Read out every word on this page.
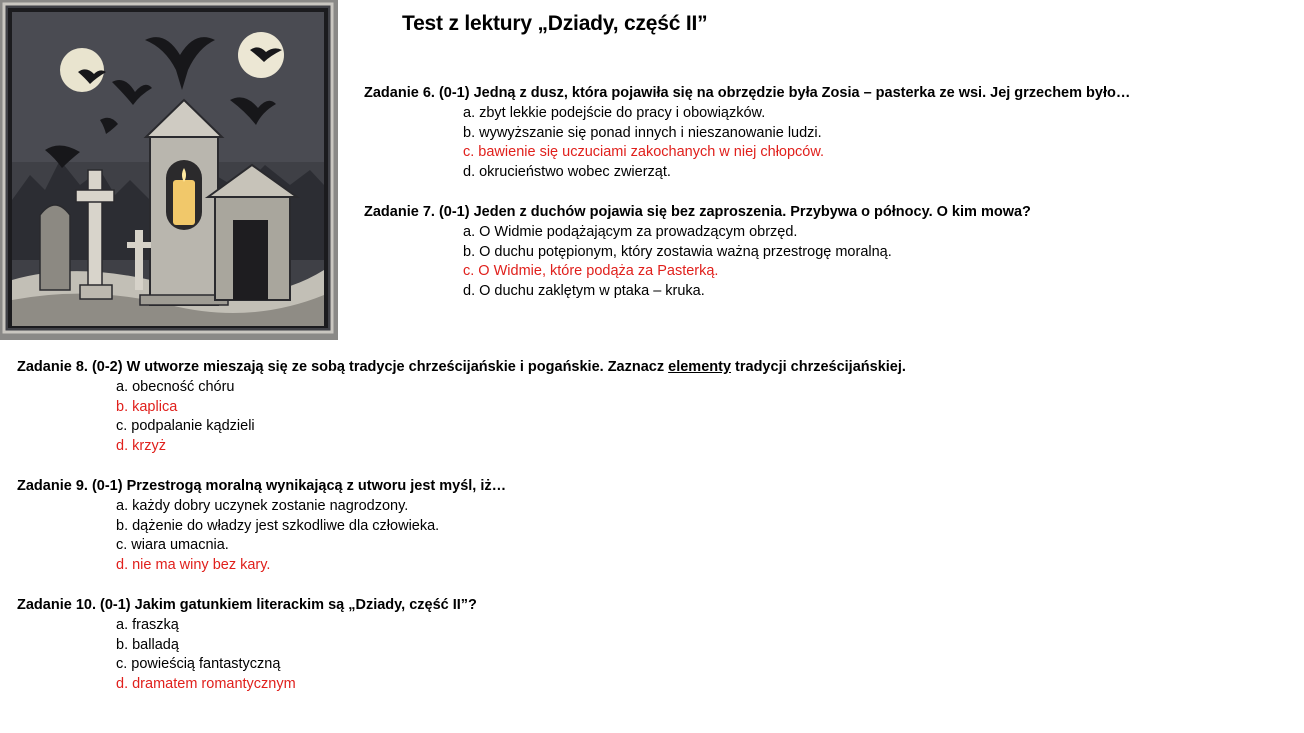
Test z lektury „Dziady, część II”
Zadanie 6. (0-1) Jedną z dusz, która pojawiła się na obrzędzie była Zosia – pasterka ze wsi. Jej grzechem było…
a. zbyt lekkie podejście do pracy i obowiązków.
b. wywyższanie się ponad innych i nieszanowanie ludzi.
c. bawienie się uczuciami zakochanych w niej chłopców.
d. okrucieństwo wobec zwierząt.
Zadanie 7. (0-1) Jeden z duchów pojawia się bez zaproszenia. Przybywa o północy. O kim mowa?
a. O Widmie podążającym za prowadzącym obrzęd.
b. O duchu potępionym, który zostawia ważną przestrogę moralną.
c. O Widmie, które podąża za Pasterką.
d. O duchu zaklętym w ptaka – kruka.
Zadanie 8. (0-2) W utworze mieszają się ze sobą tradycje chrześcijańskie i pogańskie. Zaznacz elementy tradycji chrześcijańskiej.
a. obecność chóru
b. kaplica
c. podpalanie kądzieli
d. krzyż
Zadanie 9. (0-1) Przestrogą moralną wynikającą z utworu jest myśl, iż…
a. każdy dobry uczynek zostanie nagrodzony.
b. dążenie do władzy jest szkodliwe dla człowieka.
c. wiara umacnia.
d. nie ma winy bez kary.
Zadanie 10. (0-1) Jakim gatunkiem literackim są „Dziady, część II”?
a. fraszką
b. balladą
c. powieścią fantastyczną
d. dramatem romantycznym
